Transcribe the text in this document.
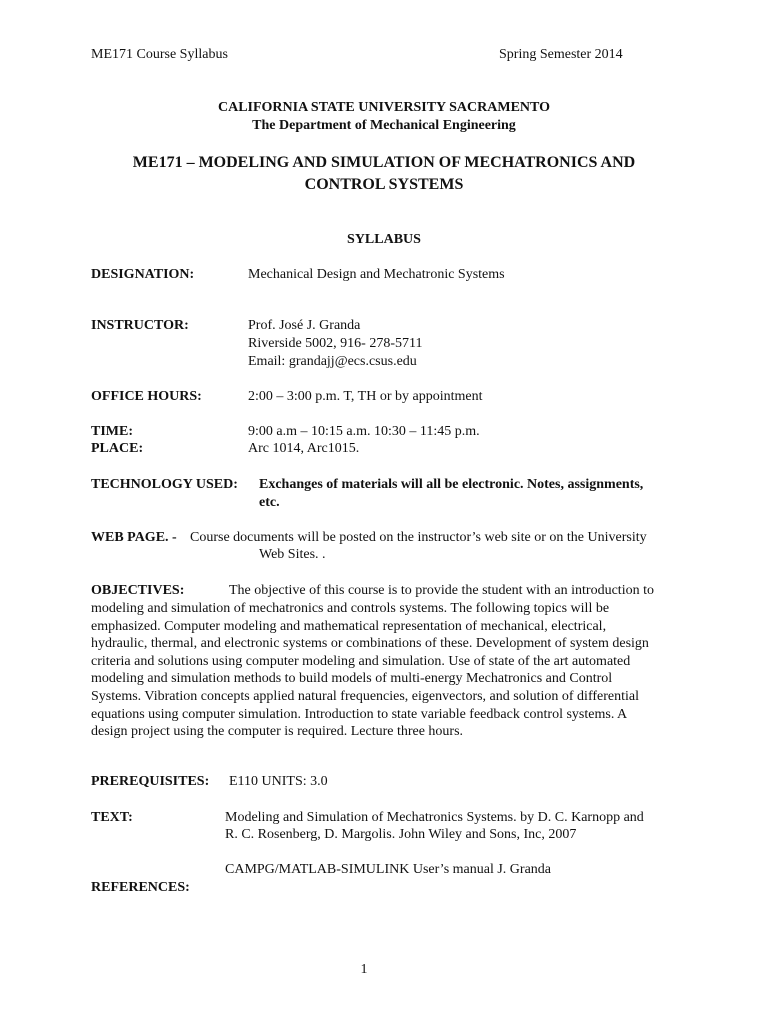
ME171 Course Syllabus	Spring Semester 2014
CALIFORNIA STATE UNIVERSITY SACRAMENTO
The Department of Mechanical Engineering
ME171 – MODELING AND SIMULATION OF MECHATRONICS AND
CONTROL SYSTEMS
SYLLABUS
DESIGNATION:	Mechanical Design and Mechatronic Systems
INSTRUCTOR:	Prof. José J. Granda
Riverside 5002, 916- 278-5711
Email: grandajj@ecs.csus.edu
OFFICE HOURS:	2:00 – 3:00 p.m. T, TH or by appointment
TIME:	9:00 a.m – 10:15 a.m. 10:30 – 11:45 p.m.
PLACE:	Arc 1014, Arc1015.
TECHNOLOGY USED: Exchanges of materials will all be electronic. Notes, assignments,
etc.
WEB PAGE. - Course documents will be posted on the instructor’s web site or on the University
Web Sites. .
OBJECTIVES:	The objective of this course is to provide the student with an introduction to
modeling and simulation of mechatronics and controls systems. The following topics will be
emphasized. Computer modeling and mathematical representation of mechanical, electrical,
hydraulic, thermal, and electronic systems or combinations of these. Development of system design
criteria and solutions using computer modeling and simulation. Use of state of the art automated
modeling and simulation methods to build models of multi-energy Mechatronics and Control
Systems. Vibration concepts applied natural frequencies, eigenvectors, and solution of differential
equations using computer simulation. Introduction to state variable feedback control systems. A
design project using the computer is required. Lecture three hours.
PREREQUISITES: E110 UNITS: 3.0
TEXT:	Modeling and Simulation of Mechatronics Systems. by D. C. Karnopp and
R. C. Rosenberg, D. Margolis. John Wiley and Sons, Inc, 2007
CAMPG/MATLAB-SIMULINK User’s manual J. Granda
REFERENCES:
1
